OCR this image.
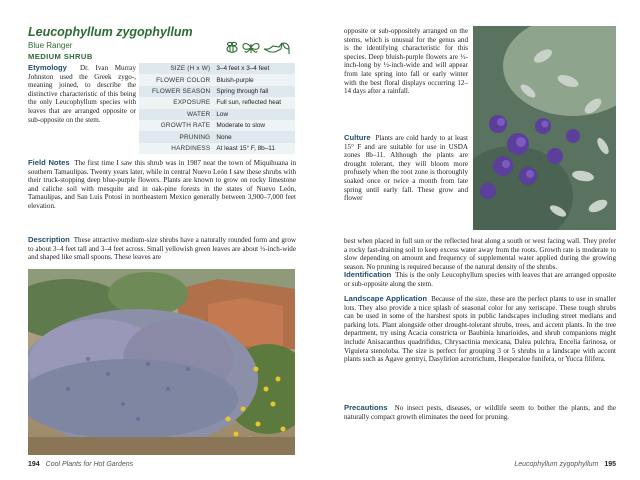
Leucophyllum zygophyllum
Blue Ranger
MEDIUM SHRUB

Etymology Dr. Ivan Murray Johnston used the Greek zygo-, meaning joined, to describe the distinctive characteristic of this being the only Leucophyllum species with leaves that are arranged opposite or sub-opposite on the stem.

SIZE (H x W)	3–4 feet x 3–4 feet
FLOWER COLOR	Bluish-purple
FLOWER SEASON	Spring through fall
EXPOSURE	Full sun, reflected heat
WATER	Low
GROWTH RATE	Moderate to slow
PRUNING	None
HARDINESS	At least 15° F, 8b–11

Field Notes The first time I saw this shrub was in 1987 near the town of Miquihuana in southern Tamaulipas. Twenty years later, while in central Nuevo León I saw these shrubs with their truck-stopping deep blue-purple flowers. Plants are known to grow on rocky limestone and caliche soil with mesquite and in oak-pine forests in the states of Nuevo León, Tamaulipas, and San Luis Potosí in northeastern Mexico generally between 3,900–7,000 feet elevation.

Description These attractive medium-size shrubs have a naturally rounded form and grow to about 3–4 feet tall and 3–4 feet across. Small yellowish green leaves are about ½-inch-wide and shaped like small spoons. These leaves are

194 Cool Plants for Hot Gardens

opposite or sub-oppositely arranged on the stems, which is unusual for the genus and is the identifying characteristic for this species. Deep bluish-purple flowers are ½-inch-long by ½-inch-wide and will appear from late spring into fall or early winter with the best floral displays occurring 12–14 days after a rainfall.

Culture Plants are cold hardy to at least 15° F and are suitable for use in USDA zones 8b–11. Although the plants are drought tolerant, they will bloom more profusely when the root zone is thoroughly soaked once or twice a month from late spring until early fall. These grow and flower

best when placed in full sun or the reflected heat along a south or west facing wall. They prefer a rocky fast-draining soil to keep excess water away from the roots. Growth rate is moderate to slow depending on amount and frequency of supplemental water applied during the growing season. No pruning is required because of the natural density of the shrubs.

Identification This is the only Leucophyllum species with leaves that are arranged opposite or sub-opposite along the stem.

Landscape Application Because of the size, these are the perfect plants to use in smaller lots. They also provide a nice splash of seasonal color for any xeriscape. These tough shrubs can be used in some of the harshest spots in public landscapes including street medians and parking lots. Plant alongside other drought-tolerant shrubs, trees, and accent plants. In the tree department, try using Acacia constricta or Bauhinia lunarioides, and shrub companions might include Anisacanthus quadrifidus, Chrysactinia mexicana, Dalea pulchra, Encelia farinosa, or Viguiera stenoloba. The size is perfect for grouping 3 or 5 shrubs in a landscape with accent plants such as Agave gentryi, Dasylirion acrotrichum, Hesperaloe funifera, or Yucca filifera.

Precautions No insect pests, diseases, or wildlife seem to bother the plants, and the naturally compact growth eliminates the need for pruning.

Leucophyllum zygophyllum 195
